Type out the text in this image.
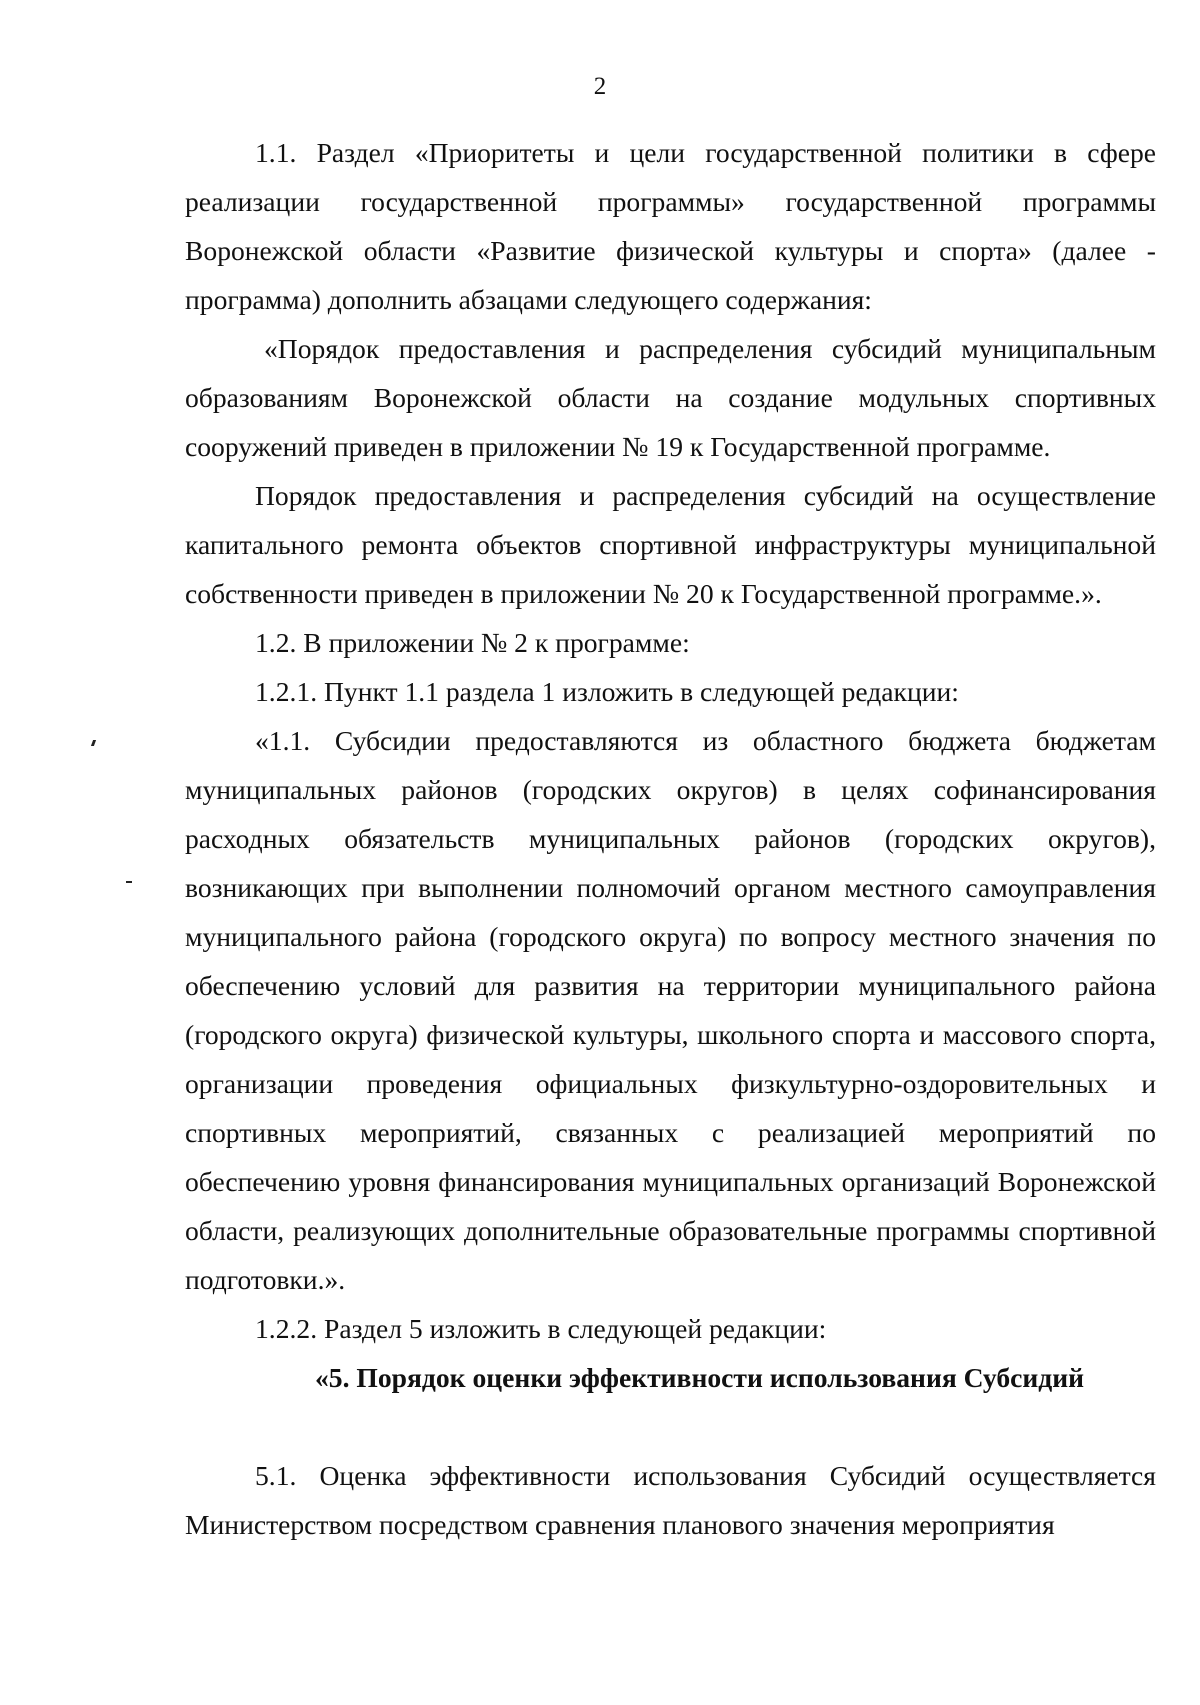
2

1.1. Раздел «Приоритеты и цели государственной политики в сфере реализации государственной программы» государственной программы Воронежской области «Развитие физической культуры и спорта» (далее - программа) дополнить абзацами следующего содержания:

«Порядок предоставления и распределения субсидий муниципальным образованиям Воронежской области на создание модульных спортивных сооружений приведен в приложении № 19 к Государственной программе.

Порядок предоставления и распределения субсидий на осуществление капитального ремонта объектов спортивной инфраструктуры муниципальной собственности приведен в приложении № 20 к Государственной программе.».

1.2. В приложении № 2 к программе:

1.2.1. Пункт 1.1 раздела 1 изложить в следующей редакции:

«1.1. Субсидии предоставляются из областного бюджета бюджетам муниципальных районов (городских округов) в целях софинансирования расходных обязательств муниципальных районов (городских округов), возникающих при выполнении полномочий органом местного самоуправления муниципального района (городского округа) по вопросу местного значения по обеспечению условий для развития на территории муниципального района (городского округа) физической культуры, школьного спорта и массового спорта, организации проведения официальных физкультурно-оздоровительных и спортивных мероприятий, связанных с реализацией мероприятий по обеспечению уровня финансирования муниципальных организаций Воронежской области, реализующих дополнительные образовательные программы спортивной подготовки.».

1.2.2. Раздел 5 изложить в следующей редакции:

«5. Порядок оценки эффективности использования Субсидий

5.1. Оценка эффективности использования Субсидий осуществляется Министерством посредством сравнения планового значения мероприятия
